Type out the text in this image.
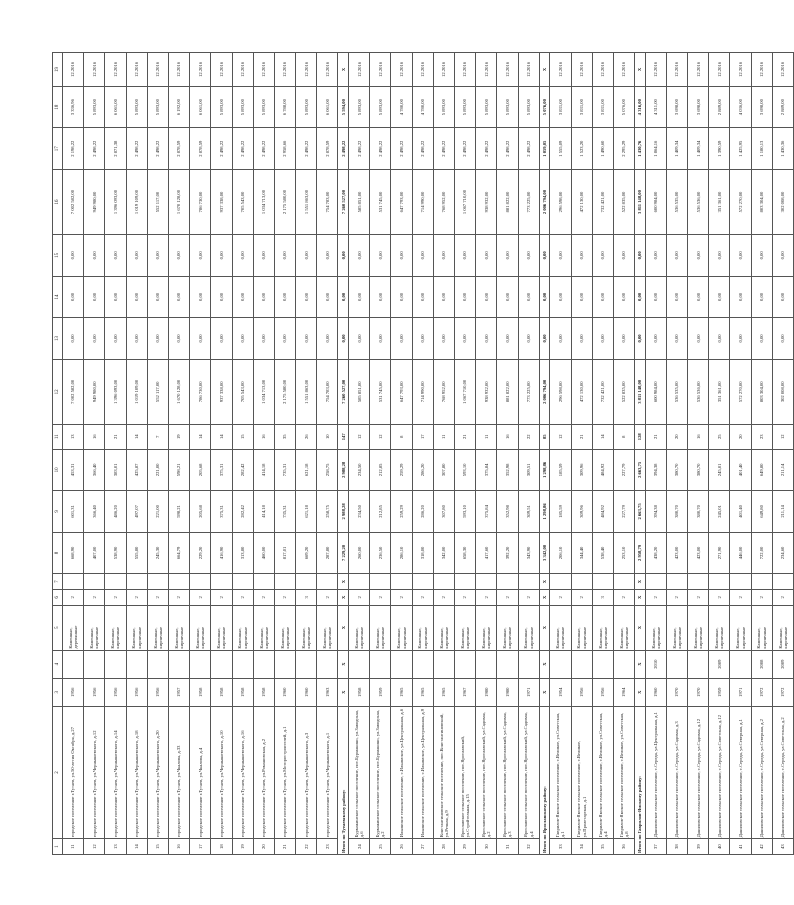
1	2	3	4	5	6	7	8	9	10	11	12	13	14	15	16	17	18	19
11	городское поселение г.Тутаев, ул.50-летия Октября, д.27	1956		Каменные, деревянные	2		668,90	601,31	453,31	13	7 002 582,00	0,00	0,00	0,00	7 002 582,00	2 198,22	3 336,96	12.2016
12	городское поселение г.Тутаев, ул.Чернышевского, д.12	1956		Каменные, кирпичные	2		407,00	366,40	366,40	16	949 980,00	0,00	0,00	0,00	949 980,00	2 498,22	5 893,00	12.2016
13	городское поселение г.Тутаев, ул.Чернышевского, д.14	1956		Каменные, кирпичные	2		538,90	486,20	383,01	21	1 396 093,00	0,00	0,00	0,00	1 396 093,00	2 871,38	6 061,00	12.2016
14	городское поселение г.Тутаев, ул.Чернышевского, д.18	1956		Каменные, кирпичные	2		555,80	497,07	425,87	14	1 019 109,00	0,00	0,00	0,00	1 019 109,00	2 498,22	5 893,00	12.2016
15	городское поселение г.Тутаев, ул.Чернышевского, д.20	1956		Каменные, кирпичные	2		245,30	221,00	221,00	7	552 117,00	0,00	0,00	0,00	552 117,00	2 498,22	5 893,00	12.2016
16	городское поселение г.Тутаев, ул.Чкалова, д.33	1957		Каменные, кирпичные	2		664,79	598,21	598,21	19	1 670 128,00	0,00	0,00	0,00	1 670 128,00	2 878,59	6 192,00	12.2016
17	городское поселение г.Тутаев, ул.Чкалова, д.4	1958		Каменные, кирпичные	2		229,20	205,68	205,68	14	786 730,00	0,00	0,00	0,00	786 730,00	2 878,59	6 061,00	12.2016
18	городское поселение г.Тутаев, ул.Чернышевского, д.10	1958		Каменные, кирпичные	2		416,90	375,31	375,31	14	937 338,00	0,00	0,00	0,00	937 338,00	2 498,22	5 893,00	12.2016
19	городское поселение г.Тутаев, ул.Чернышевского, д.16	1958		Каменные, кирпичные	2		313,80	282,42	282,42	15	705 543,00	0,00	0,00	0,00	705 543,00	2 498,22	5 893,00	12.2016
20	городское поселение г.Тутаев, ул.Романовская, д.2	1958		Каменные, кирпичные	2		460,00	414,18	414,18	16	1 034 713,00	0,00	0,00	0,00	1 034 713,00	2 498,22	5 893,00	12.2016
21	городское поселение г.Тутаев, ул.Моторостроителей, д.1	1960		Каменные, кирпичные	2		817,01	735,31	735,31	35	2 175 580,00	0,00	0,00	0,00	2 175 580,00	2 958,66	6 788,00	12.2016
22	городское поселение г.Тутаев, ул.Чернышевского, д.3	1960		Каменные, кирпичные	3		669,20	621,18	621,18	26	1 551 863,00	0,00	0,00	0,00	1 551 863,00	2 498,22	5 893,00	12.2016
23	городское поселение г.Тутаев, ул.Чернышевского, д.1	1963		Каменные, кирпичные	2		287,80	258,75	258,75	10	754 783,00	0,00	0,00	0,00	754 783,00	2 878,59	6 061,00	12.2016
Итого по Тутаевскому району:		X	X	X	X	X	7 229,20	2 988,28	2 988,28	147	7 260 527,00	0,00	0,00	0,00	7 260 527,00	2 498,22	5 594,00	X
24	Бурмакинское сельское поселение, пос.Бурмакино, ул.Заводская, д.6	1958		Каменные, кирпичные	2		260,00	234,50	234,50	12	585 851,00	0,00	0,00	0,00	585 851,00	2 498,22	5 893,00	12.2016
25	Бурмакинское сельское поселение, пос.Бурмакино, ул.Заводская, д.2	1959		Каменные, кирпичные	2		236,50	212,85	212,85	12	531 745,00	0,00	0,00	0,00	531 745,00	2 498,22	5 893,00	12.2016
26	Ильинское сельское поселение, с.Ильинское, ул.Центральная, д.6	1965		Каменные, кирпичные	2		286,10	259,29	259,29	8	647 793,00	0,00	0,00	0,00	647 793,00	2 498,22	4 780,00	12.2016
27	Ильинское сельское поселение, с.Ильинское, ул.Центральная, д.9	1965		Каменные, кирпичные	2		318,00	286,20	286,20	17	714 990,00	0,00	0,00	0,00	714 990,00	2 498,22	4 780,00	12.2016
28	Константиновское сельское поселение, пос.Константиновский, ул.Речная, д.9	1965		Каменные, кирпичные	2		342,00	307,80	307,80	11	768 952,00	0,00	0,00	0,00	768 952,00	2 498,22	5 893,00	12.2016
29	Ярославское сельское поселение, пос.Ярославский, ул.Стройтельная, д.15	1967		Каменные, кирпичные	2		658,30	593,10	593,10	21	1 067 710,00	0,00	0,00	0,00	1 067 710,00	2 498,22	5 893,00	12.2016
30	Ярославское сельское поселение, пос.Ярославский, ул.Садовая, д.2	1980		Каменные, кирпичные	2		417,60	375,84	375,84	11	938 932,00	0,00	0,00	0,00	938 932,00	2 498,22	5 893,00	12.2016
31	Ярославское сельское поселение, пос.Ярославский, ул.Садовая, д.3	1980		Каменные, кирпичные	2		392,20	352,98	352,98	16	881 822,00	0,00	0,00	0,00	881 822,00	2 498,22	5 893,00	12.2016
32	Ярославское сельское поселение, пос.Ярославский, ул.Садовая, д.4	1971		Каменные, кирпичные	2		343,90	309,51	309,51	22	773 225,00	0,00	0,00	0,00	773 225,00	2 498,22	5 893,00	12.2016
Итого по Ярославскому району:		X	X	X	X	X	3 342,00	1 298,86	1 298,86	85	2 006 794,00	0,00	0,00	0,00	2 006 794,00	1 059,05	5 076,00	X
33	Гаврилов-Ямское сельское поселение, с.Великое, ул.Советская, д.1	1954		Каменные, кирпичные	2		206,10	185,59	185,59	12	296 598,00	0,00	0,00	0,00	296 598,00	1 555,09	3 831,00	12.2016
34	Гаврилов-Ямское сельское поселение, с.Великое, ул.Пролетарская, д.1	1956		Каменные, кирпичные	2		344,40	309,96	309,96	21	472 130,00	0,00	0,00	0,00	472 130,00	1 523,20	3 831,00	12.2016
35	Гаврилов-Ямское сельское поселение, с.Великое, ул.Советская, д.4	1956		Каменные, кирпичные	3		538,40	484,92	484,92	14	732 421,00	0,00	0,00	0,00	732 421,00	1 490,60	3 831,00	12.2016
36	Гаврилов-Ямское сельское поселение, с.Великое, ул.Советская, д.8	1964		Каменные, кирпичные	2		253,10	227,79	227,79	8	522 835,00	0,00	0,00	0,00	522 835,00	2 295,29	5 076,00	12.2016
Итого по Гаврилов-Ямскому району:		X	X	X	X	X	2 958,79	2 663,75	2 663,75	128	3 811 148,00	0,00	0,00	0,00	3 811 148,00	1 430,76	4 316,00	X
37	Даниловское сельское поселение, с.Середа, ул.Центральная, д.1	1960	2010	Каменные, кирпичные	2		438,20	394,38	394,38	21	600 984,00	0,00	0,00	0,00	600 984,00	1 864,16	4 311,00	12.2016
38	Даниловское сельское поселение, с.Середа, ул.Садовая, д.3	1970		Каменные, кирпичные	2		423,00	380,70	380,70	20	536 535,00	0,00	0,00	0,00	536 535,00	1 409,34	3 698,00	12.2016
39	Даниловское сельское поселение, с.Середа, ул.Садовая, д.12	1970		Каменные, кирпичные	2		423,00	380,70	380,70	16	536 536,00	0,00	0,00	0,00	536 536,00	1 409,34	3 698,00	12.2016
40	Даниловское сельское поселение, с.Середа, ул.Советская, д.12	1959	2009	Каменные, кирпичные	2		271,90	245,01	245,01	25	351 361,00	0,00	0,00	0,00	351 361,00	1 390,59	2 889,00	12.2016
41	Даниловское сельское поселение, с.Середа, ул.Северная, д.1	1971		Каменные, кирпичные	2		446,00	401,40	401,40	20	572 270,00	0,00	0,00	0,00	572 270,00	1 425,95	4 036,00	12.2016
42	Даниловское сельское поселение, с.Середа, ул.Северная, д.2	1972	2008	Каменные, кирпичные	2		722,00	649,80	649,80	23	803 304,00	0,00	0,00	0,00	803 304,00	1 180,13	3 698,00	12.2016
43	Даниловское сельское поселение, с.Середа, ул.Советская, д.2	1972	2009	Каменные, кирпичные	2		234,60	211,14	211,14	12	302 008,00	0,00	0,00	0,00	302 008,00	1 430,36	2 889,00	12.2016
